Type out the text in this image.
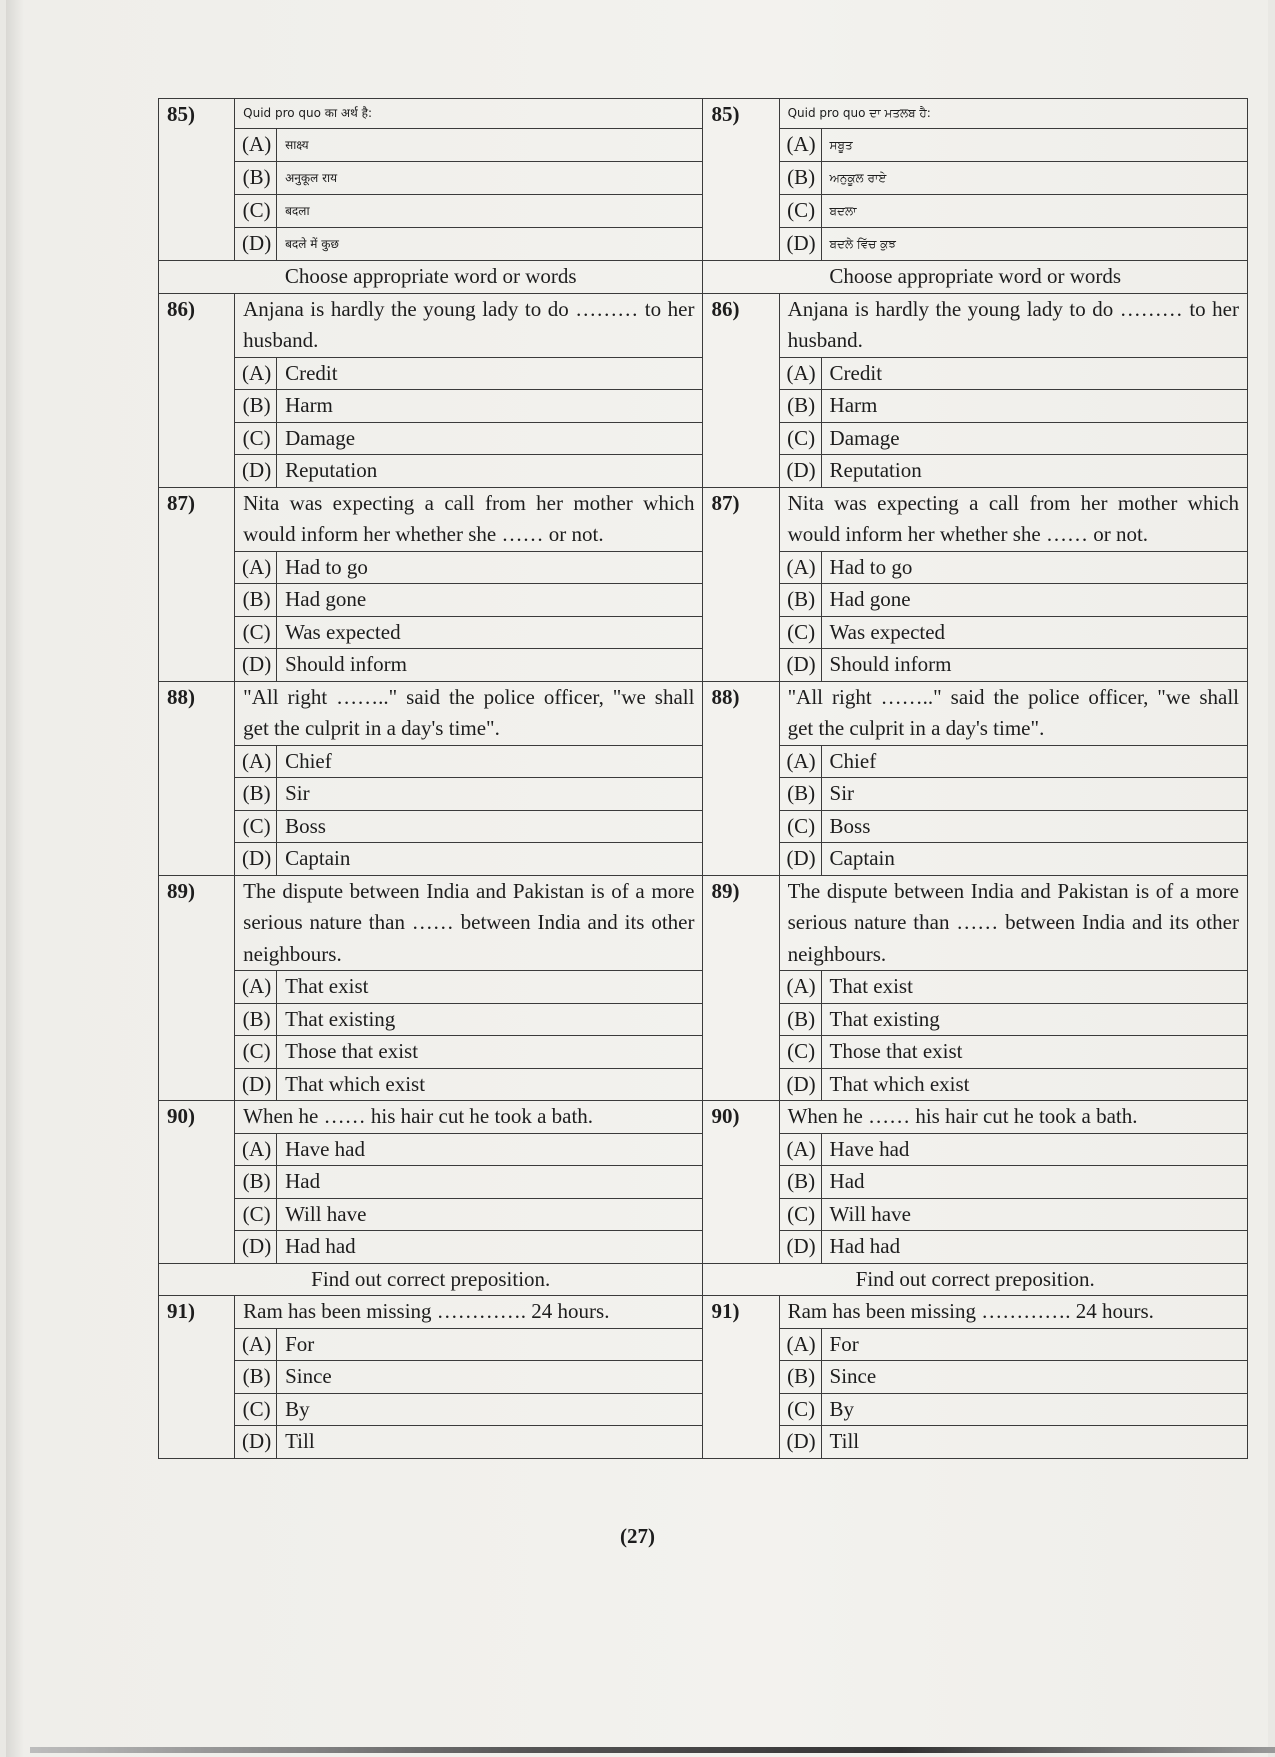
85)	Quid pro quo का अर्थ है:		85)	Quid pro quo ਦਾ ਮਤਲਬ ਹੈ:	
	(A)	साक्ष्य		(A)	ਸਬੂਤ
	(B)	अनुकूल राय		(B)	ਅਨੁਕੂਲ ਰਾਏ
	(C)	बदला		(C)	ਬਦਲਾ
	(D)	बदले में कुछ		(D)	ਬਦਲੇ ਵਿੱਚ ਕੁਝ
Choose appropriate word or words			Choose appropriate word or words		
86)	Anjana is hardly the young lady to do ……… to her husband.		86)	Anjana is hardly the young lady to do ……… to her husband.	
	(A)	Credit		(A)	Credit
	(B)	Harm		(B)	Harm
	(C)	Damage		(C)	Damage
	(D)	Reputation		(D)	Reputation
87)	Nita was expecting a call from her mother which would inform her whether she …… or not.		87)	Nita was expecting a call from her mother which would inform her whether she …… or not.	
	(A)	Had to go		(A)	Had to go
	(B)	Had gone		(B)	Had gone
	(C)	Was expected		(C)	Was expected
	(D)	Should inform		(D)	Should inform
88)	"All right …….." said the police officer, "we shall get the culprit in a day's time".		88)	"All right …….." said the police officer, "we shall get the culprit in a day's time".	
	(A)	Chief		(A)	Chief
	(B)	Sir		(B)	Sir
	(C)	Boss		(C)	Boss
	(D)	Captain		(D)	Captain
89)	The dispute between India and Pakistan is of a more serious nature than …… between India and its other neighbours.		89)	The dispute between India and Pakistan is of a more serious nature than …… between India and its other neighbours.	
	(A)	That exist		(A)	That exist
	(B)	That existing		(B)	That existing
	(C)	Those that exist		(C)	Those that exist
	(D)	That which exist		(D)	That which exist
90)	When he …… his hair cut he took a bath.		90)	When he …… his hair cut he took a bath.	
	(A)	Have had		(A)	Have had
	(B)	Had		(B)	Had
	(C)	Will have		(C)	Will have
	(D)	Had had		(D)	Had had
Find out correct preposition.			Find out correct preposition.		
91)	Ram has been missing …………. 24 hours.		91)	Ram has been missing …………. 24 hours.	
	(A)	For		(A)	For
	(B)	Since		(B)	Since
	(C)	By		(C)	By
	(D)	Till		(D)	Till
(27)
